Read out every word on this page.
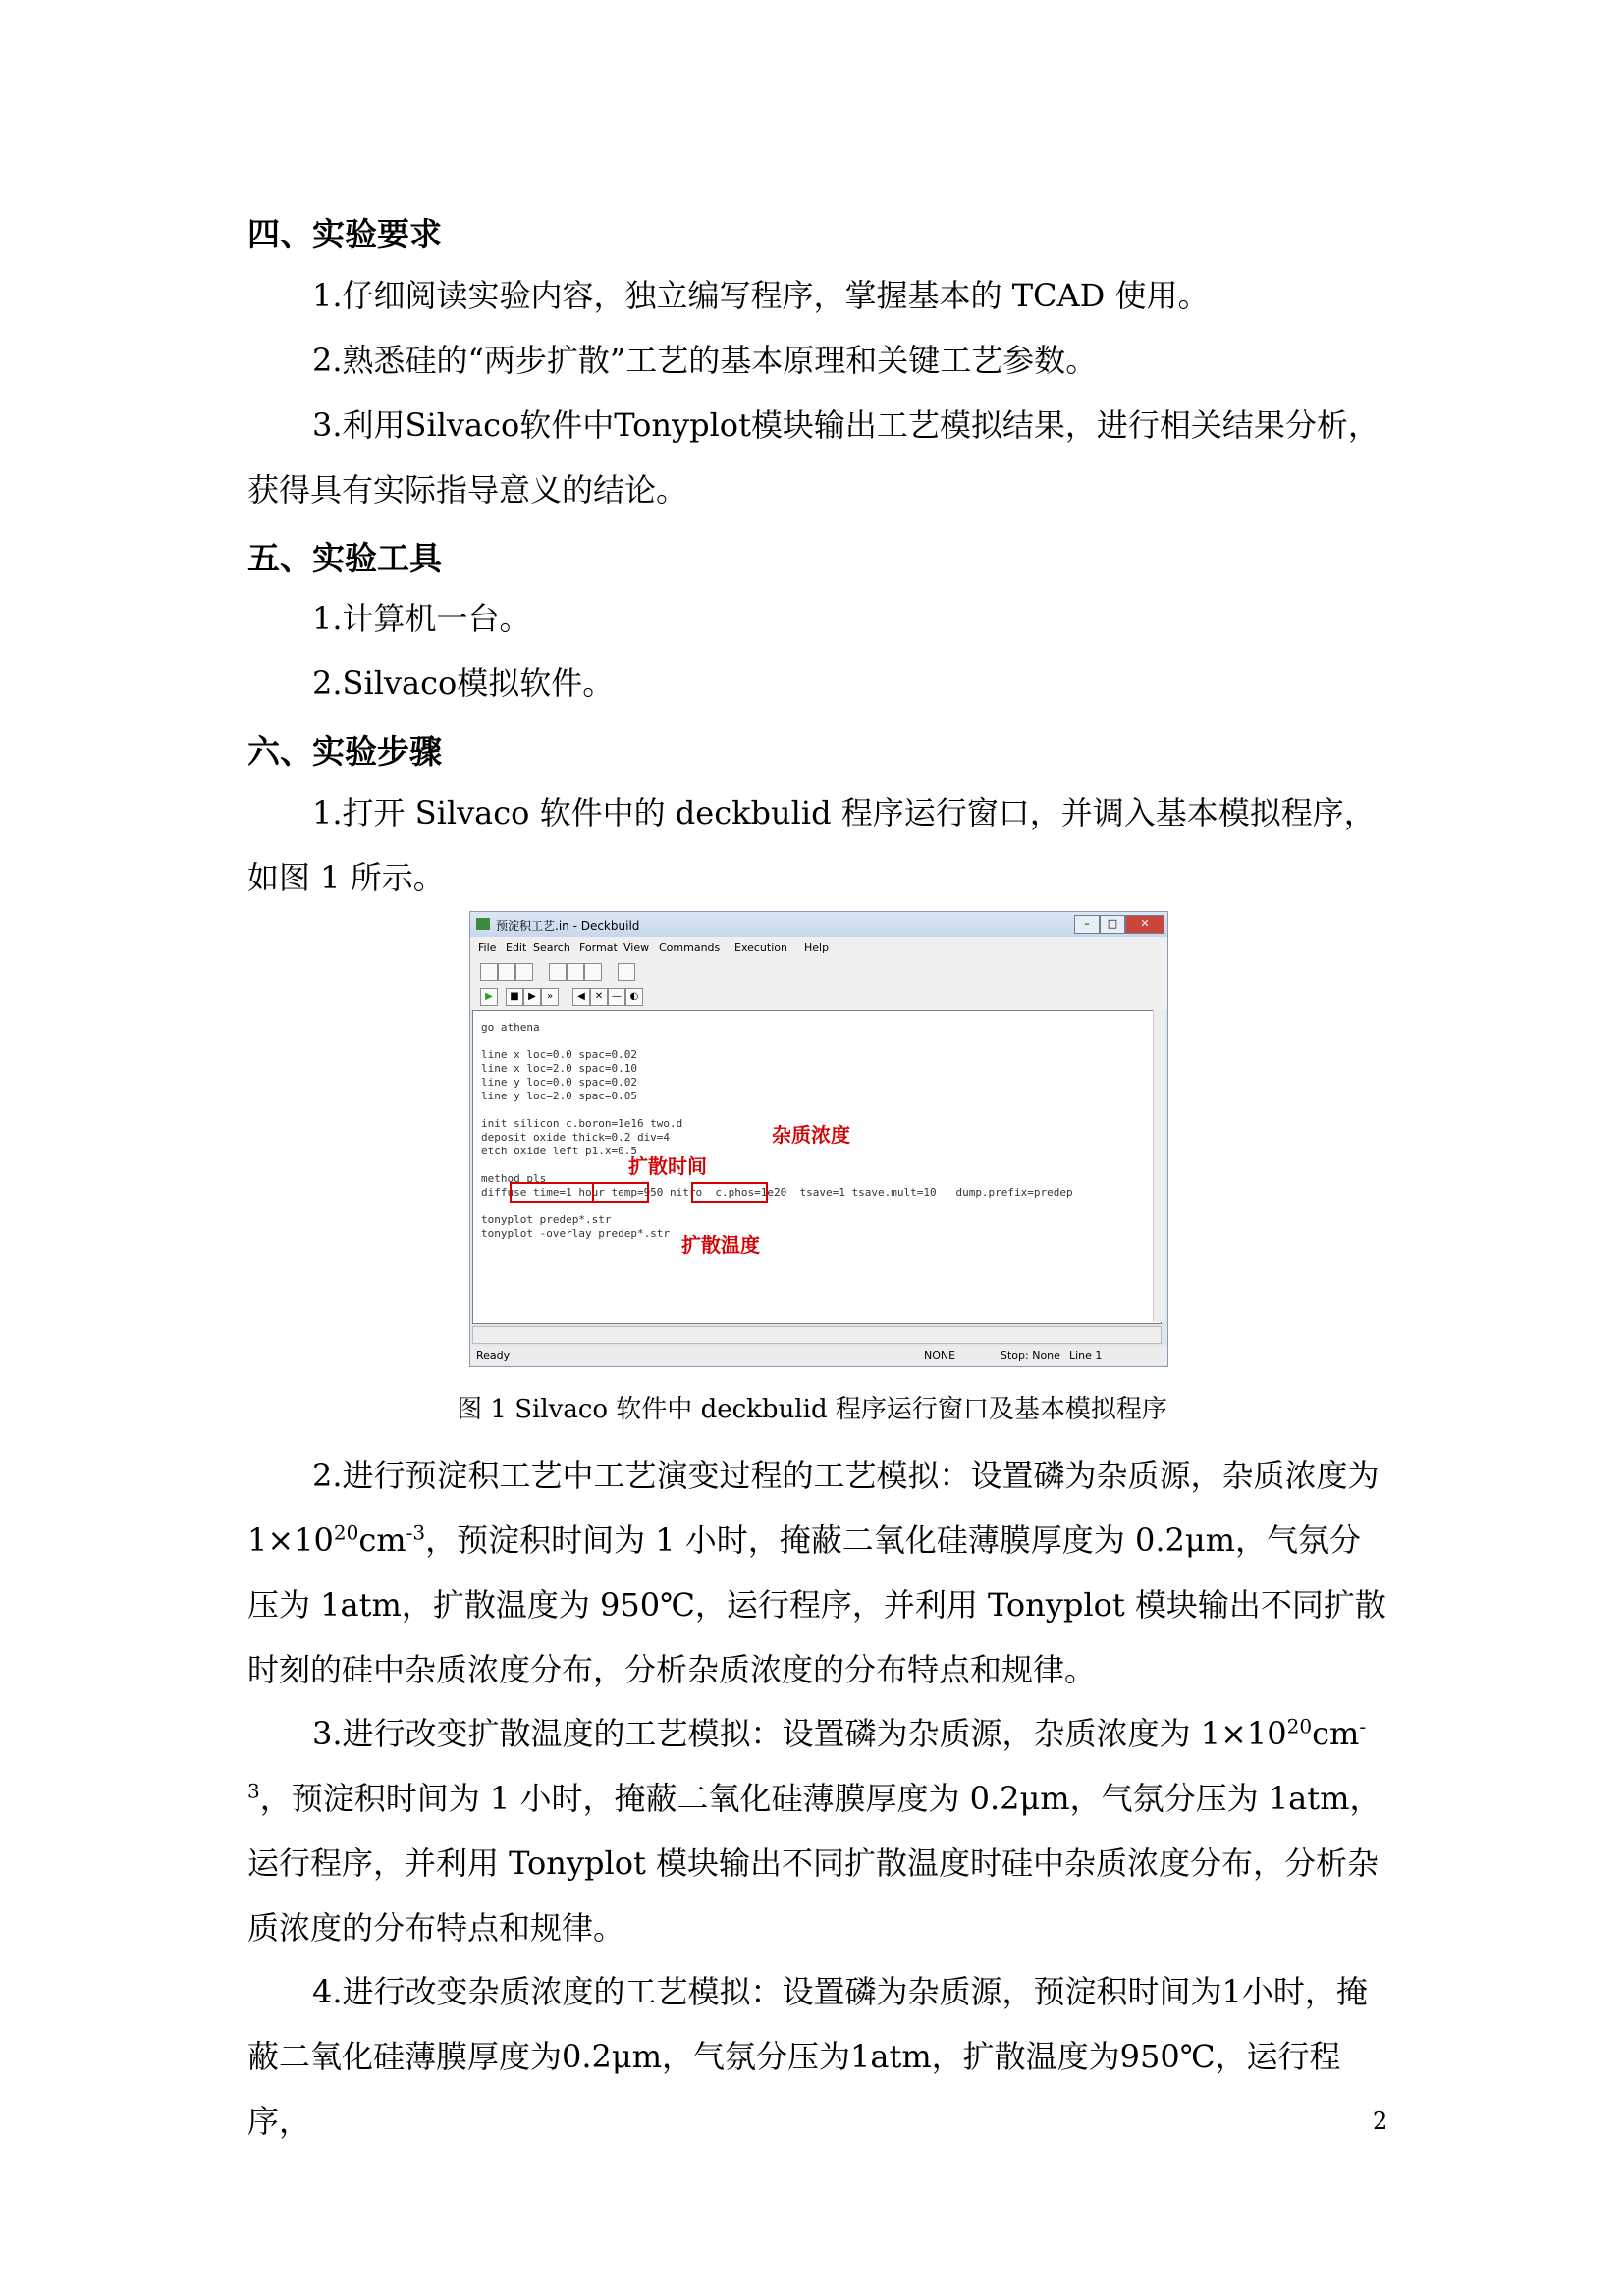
四、实验要求
1.仔细阅读实验内容，独立编写程序，掌握基本的 TCAD 使用。
2.熟悉硅的“两步扩散”工艺的基本原理和关键工艺参数。
3.利用Silvaco软件中Tonyplot模块输出工艺模拟结果，进行相关结果分析，获得具有实际指导意义的结论。
五、实验工具
1.计算机一台。
2.Silvaco模拟软件。
六、实验步骤
1.打开 Silvaco 软件中的 deckbulid 程序运行窗口，并调入基本模拟程序，如图 1 所示。
预淀积工艺.in - Deckbuild	–	□	✕
File Edit Search Format View Commands Execution Help
▶	■ ▶	»	◀ ✕ — ◐
go athena
line x loc=0.0 spac=0.02
line x loc=2.0 spac=0.10
line y loc=0.0 spac=0.02
line y loc=2.0 spac=0.05
init silicon c.boron=1e16 two.d
deposit oxide thick=0.2 div=4
etch oxide left p1.x=0.5
method pls
diffuse time=1 hour temp=950 nitro  c.phos=1e20  tsave=1 tsave.mult=10   dump.prefix=predep
tonyplot predep*.str
tonyplot -overlay predep*.str
杂质浓度
扩散时间
扩散温度
Ready	NONE	Stop: None Line 1
图 1 Silvaco 软件中 deckbulid 程序运行窗口及基本模拟程序
2.进行预淀积工艺中工艺演变过程的工艺模拟：设置磷为杂质源，杂质浓度为 $1\times 10^{20}cm^{-3}$，预淀积时间为 1 小时，掩蔽二氧化硅薄膜厚度为 0.2μm，气氛分压为 1atm，扩散温度为 950℃，运行程序，并利用 Tonyplot 模块输出不同扩散时刻的硅中杂质浓度分布，分析杂质浓度的分布特点和规律。
3.进行改变扩散温度的工艺模拟：设置磷为杂质源，杂质浓度为 $1\times 10^{20}cm^{-3}$，预淀积时间为 1 小时，掩蔽二氧化硅薄膜厚度为 0.2μm，气氛分压为 1atm，运行程序，并利用 Tonyplot 模块输出不同扩散温度时硅中杂质浓度分布，分析杂质浓度的分布特点和规律。
4.进行改变杂质浓度的工艺模拟：设置磷为杂质源，预淀积时间为1小时，掩蔽二氧化硅薄膜厚度为0.2μm，气氛分压为1atm，扩散温度为950℃，运行程序，	2
